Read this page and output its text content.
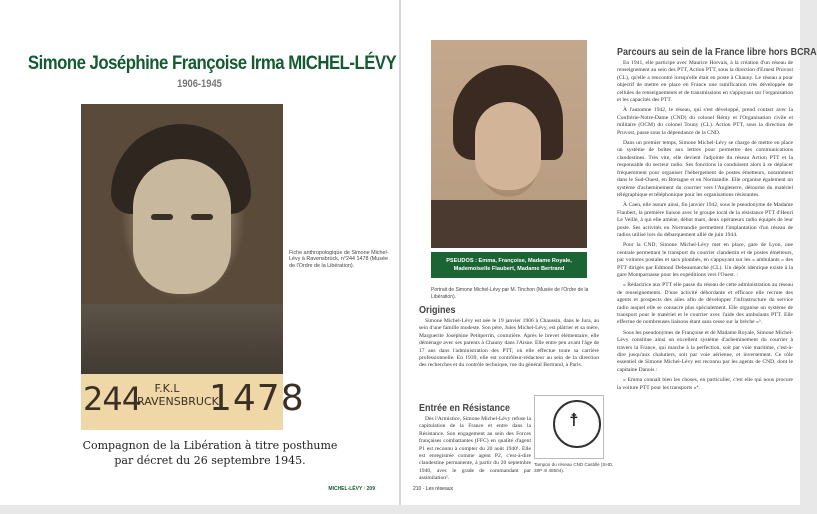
Simone Joséphine Françoise Irma MICHEL-LÉVY
1906-1945
244	F.K.L
RAVENSBRUCK
1478
Fiche anthropologique de Simone Michel-Lévy à Ravensbrück, n°244 1478 (Musée de l'Ordre de la Libération).
Compagnon de la Libération à titre posthume
par décret du 26 septembre 1945.
MICHEL-LÉVY · 209
PSEUDOS : Emma, Françoise, Madame Royale,
Mademoiselle Flaubert, Madame Bertrand
Portrait de Simone Michel-Lévy par M. Tinchon (Musée de l'Ordre de la Libération).
Origines

Simone Michel-Lévy est née le 19 janvier 1906 à Chaussin, dans le Jura, au sein d'une famille modeste. Son père, Jules Michel-Lévy, est plâtrier et sa mère, Marguerite Joséphine Petitperrin, couturière. Après le brevet élémentaire, elle déménage avec ses parents à Chauny dans l'Aisne. Elle entre peu avant l'âge de 17 ans dans l'administration des PTT, où elle effectue toute sa carrière professionnelle. En 1939, elle est contrôleur-rédacteur au sein de la direction des recherches et du contrôle technique, rue du général Bertrand, à Paris.

Entrée en Résistance

Dès l'Armistice, Simone Michel-Lévy refuse la capitulation de la France et entre dans la Résistance. Son engagement au sein des Forces françaises combattantes (FFC) en qualité d'agent P1 est reconnu à compter du 20 août 1940¹. Elle est enregistrée comme agent P2, c'est-à-dire clandestine permanente, à partir du 20 septembre 1940, avec le grade de commandant par assimilation².

☨
Tampon du réseau CND Castille (SHD, 28P 4/ 48504).
Parcours au sein de la France libre hors BCRA

En 1941, elle participe avec Maurice Horvais, à la création d'un réseau de renseignement au sein des PTT, Action PTT, sous la direction d'Ernest Pruvost (CL), qu'elle a rencontré lorsqu'elle était en poste à Chauny. Le réseau a pour objectif de mettre en place en France une ramification très développée de cellules de renseignements et de transmissions en s'appuyant sur l'organisation et les capacités des PTT.

À l'automne 1942, le réseau, qui s'est développé, prend contact avec la Confrérie-Notre-Dame (CND) du colonel Rémy et l'Organisation civile et militaire (OCM) du colonel Touny (CL). Action PTT, sous la direction de Pruvost, passe sous la dépendance de la CND.

Dans un premier temps, Simone Michel-Lévy se charge de mettre en place un système de boîtes aux lettres pour permettre des communications clandestines. Très vite, elle devient l'adjointe du réseau Action PTT et la responsable du secteur radio. Ses fonctions la conduisent alors à se déplacer fréquemment pour organiser l'hébergement de postes émetteurs, notamment dans le Sud-Ouest, en Bretagne et en Normandie. Elle organise également un système d'acheminement du courrier vers l'Angleterre, détourne du matériel télégraphique et téléphonique pour les organisations résistantes.

À Caen, elle assure ainsi, fin janvier 1942, sous le pseudonyme de Madame Flaubert, la première liaison avec le groupe local de la résistance PTT d'Henri Le Veillé, à qui elle amène, début mars, deux opérateurs radio équipés de leur poste. Ses activités en Normandie permettent l'implantation d'un réseau de radios utilisé lors du débarquement allié de juin 1944.

Pour la CND, Simone Michel-Lévy met en place, gare de Lyon, une centrale permettant le transport du courrier clandestin et de postes émetteurs, par voitures postales et sacs plombés, en s'appuyant sur les « ambulants » des PTT dirigés par Edmond Debeaumarché (CL). Un dépôt identique existe à la gare Montparnasse pour les expéditions vers l'Ouest. :

« Rédactrice aux PTT elle passe du réseau de cette administration au réseau de renseignements. D'une activité débordante et efficace elle recrute des agents et prospects des ailes afin de développer l'infrastructure du service radio auquel elle se consacre plus spécialement. Elle organise un système de transport pour le matériel et le courrier avec l'aide des ambulants PTT. Elle effectue de nombreuses liaisons étant sans cesse sur la brèche »³.

Sous les pseudonymes de Françoise et de Madame Royale, Simone Michel-Lévy constitue ainsi un excellent système d'acheminement du courrier à travers la France, qui marche à la perfection, soit par voie maritime, c'est-à-dire jusqu'aux chalutiers, soit par voie aérienne, et inversement. Ce rôle essentiel de Simone Michel-Lévy est reconnu par les agents de CND, dont le capitaine Danois :

« Emma connaît bien les choses, en particulier, c'est elle qui nous procure la voiture PTT pour les transports »⁴.

210 · Les réseaux
